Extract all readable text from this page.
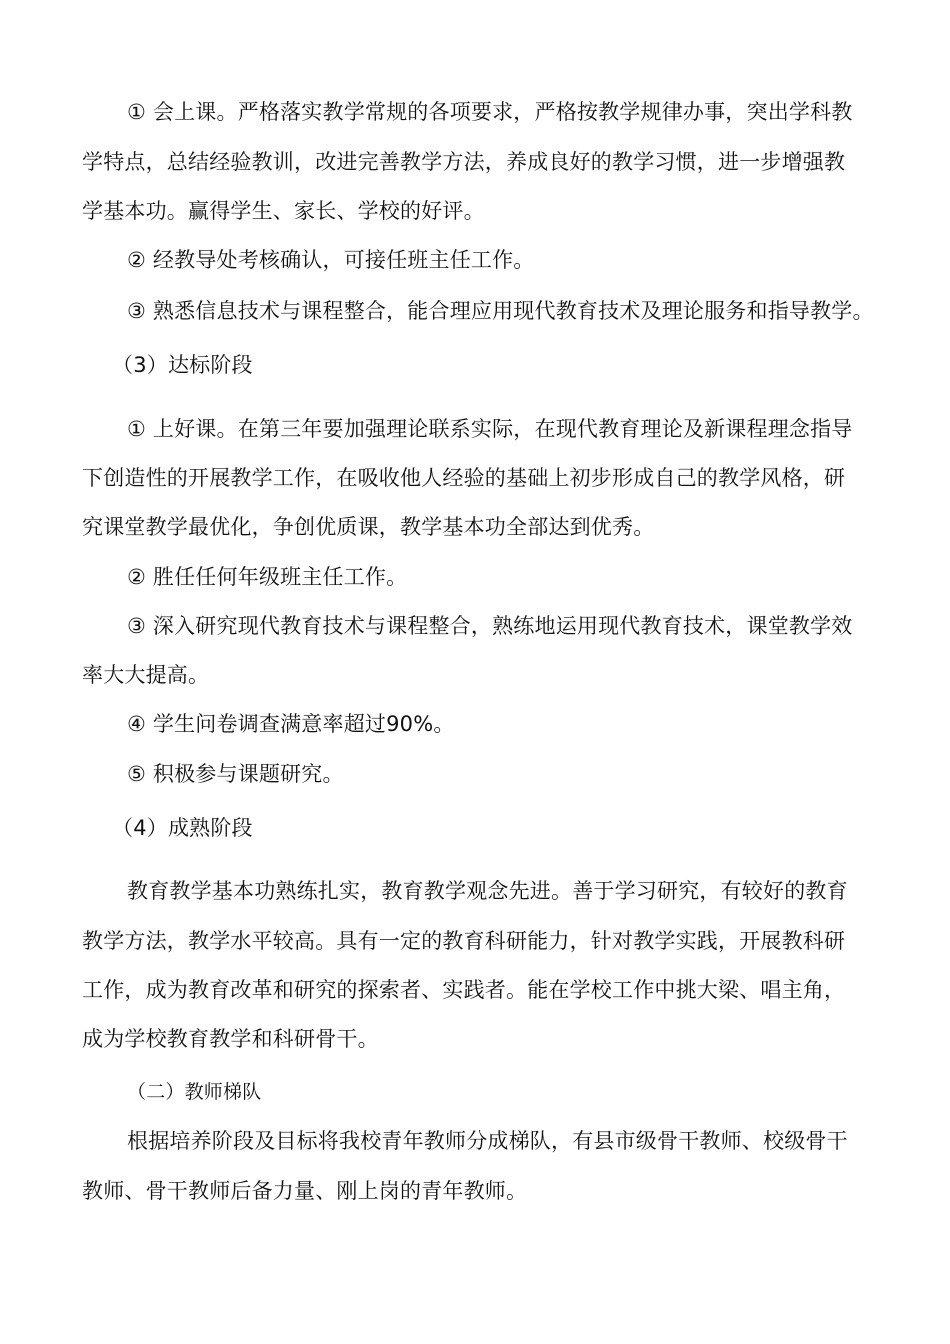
① 会上课。严格落实教学常规的各项要求，严格按教学规律办事，突出学科教
学特点，总结经验教训，改进完善教学方法，养成良好的教学习惯，进一步增强教
学基本功。赢得学生、家长、学校的好评。
② 经教导处考核确认，可接任班主任工作。
③ 熟悉信息技术与课程整合，能合理应用现代教育技术及理论服务和指导教学。
（3）达标阶段
① 上好课。在第三年要加强理论联系实际，在现代教育理论及新课程理念指导
下创造性的开展教学工作，在吸收他人经验的基础上初步形成自己的教学风格，研
究课堂教学最优化，争创优质课，教学基本功全部达到优秀。
② 胜任任何年级班主任工作。
③ 深入研究现代教育技术与课程整合，熟练地运用现代教育技术，课堂教学效
率大大提高。
④ 学生问卷调查满意率超过90%。
⑤ 积极参与课题研究。
（4）成熟阶段
教育教学基本功熟练扎实，教育教学观念先进。善于学习研究，有较好的教育
教学方法，教学水平较高。具有一定的教育科研能力，针对教学实践，开展教科研
工作，成为教育改革和研究的探索者、实践者。能在学校工作中挑大梁、唱主角，
成为学校教育教学和科研骨干。
（二）教师梯队
根据培养阶段及目标将我校青年教师分成梯队，有县市级骨干教师、校级骨干
教师、骨干教师后备力量、刚上岗的青年教师。
